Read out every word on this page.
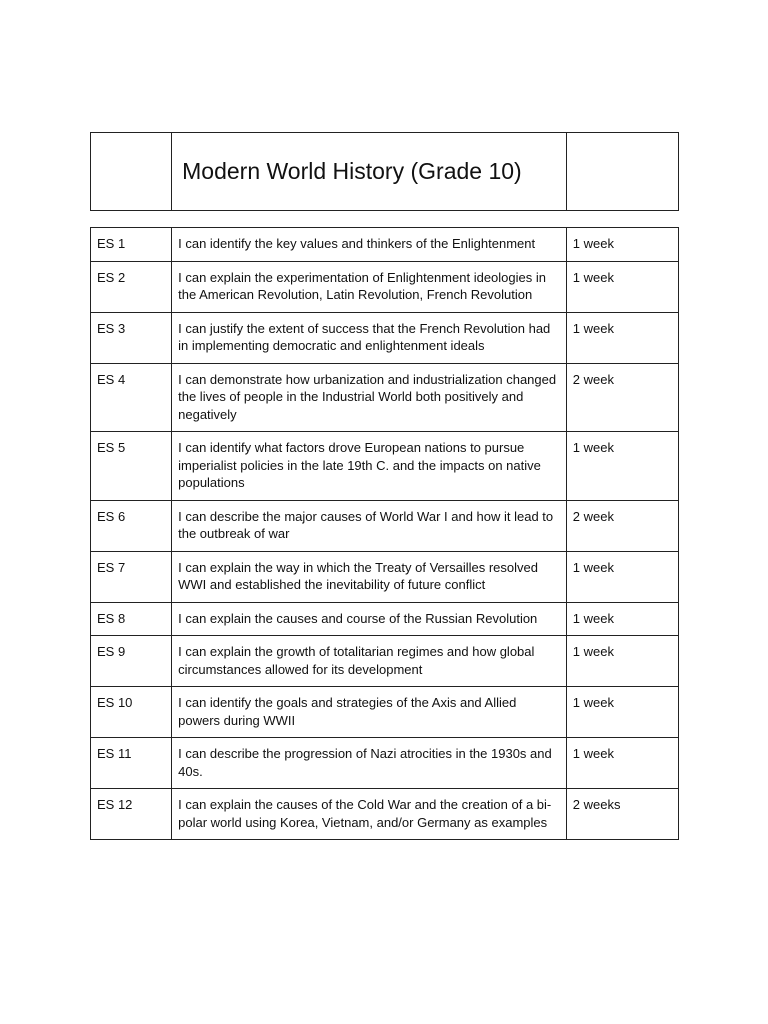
	Modern World History (Grade 10)	
ES 1	I can identify the key values and thinkers of the Enlightenment	1 week
ES 2	I can explain the experimentation of Enlightenment ideologies in the American Revolution, Latin Revolution, French Revolution	1 week
ES 3	I can justify the extent of success that the French Revolution had in implementing democratic and enlightenment ideals	1 week
ES 4	I can demonstrate how urbanization and industrialization changed the lives of people in the Industrial World both positively and negatively	2 week
ES 5	I can identify what factors drove European nations to pursue imperialist policies in the late 19th C. and the impacts on native populations	1 week
ES 6	I can describe the major causes of World War I and how it lead to the outbreak of war	2 week
ES 7	I can explain the way in which the Treaty of Versailles resolved WWI and established the inevitability of future conflict	1 week
ES 8	I can explain the causes and course of the Russian Revolution	1 week
ES 9	I can explain the growth of totalitarian regimes and how global circumstances allowed for its development	1 week
ES 10	I can identify the goals and strategies of the Axis and Allied powers during WWII	1 week
ES 11	I can describe the progression of Nazi atrocities in the 1930s and 40s.	1 week
ES 12	I can explain the causes of the Cold War and the creation of a bi-polar world using Korea, Vietnam, and/or Germany as examples	2 weeks
